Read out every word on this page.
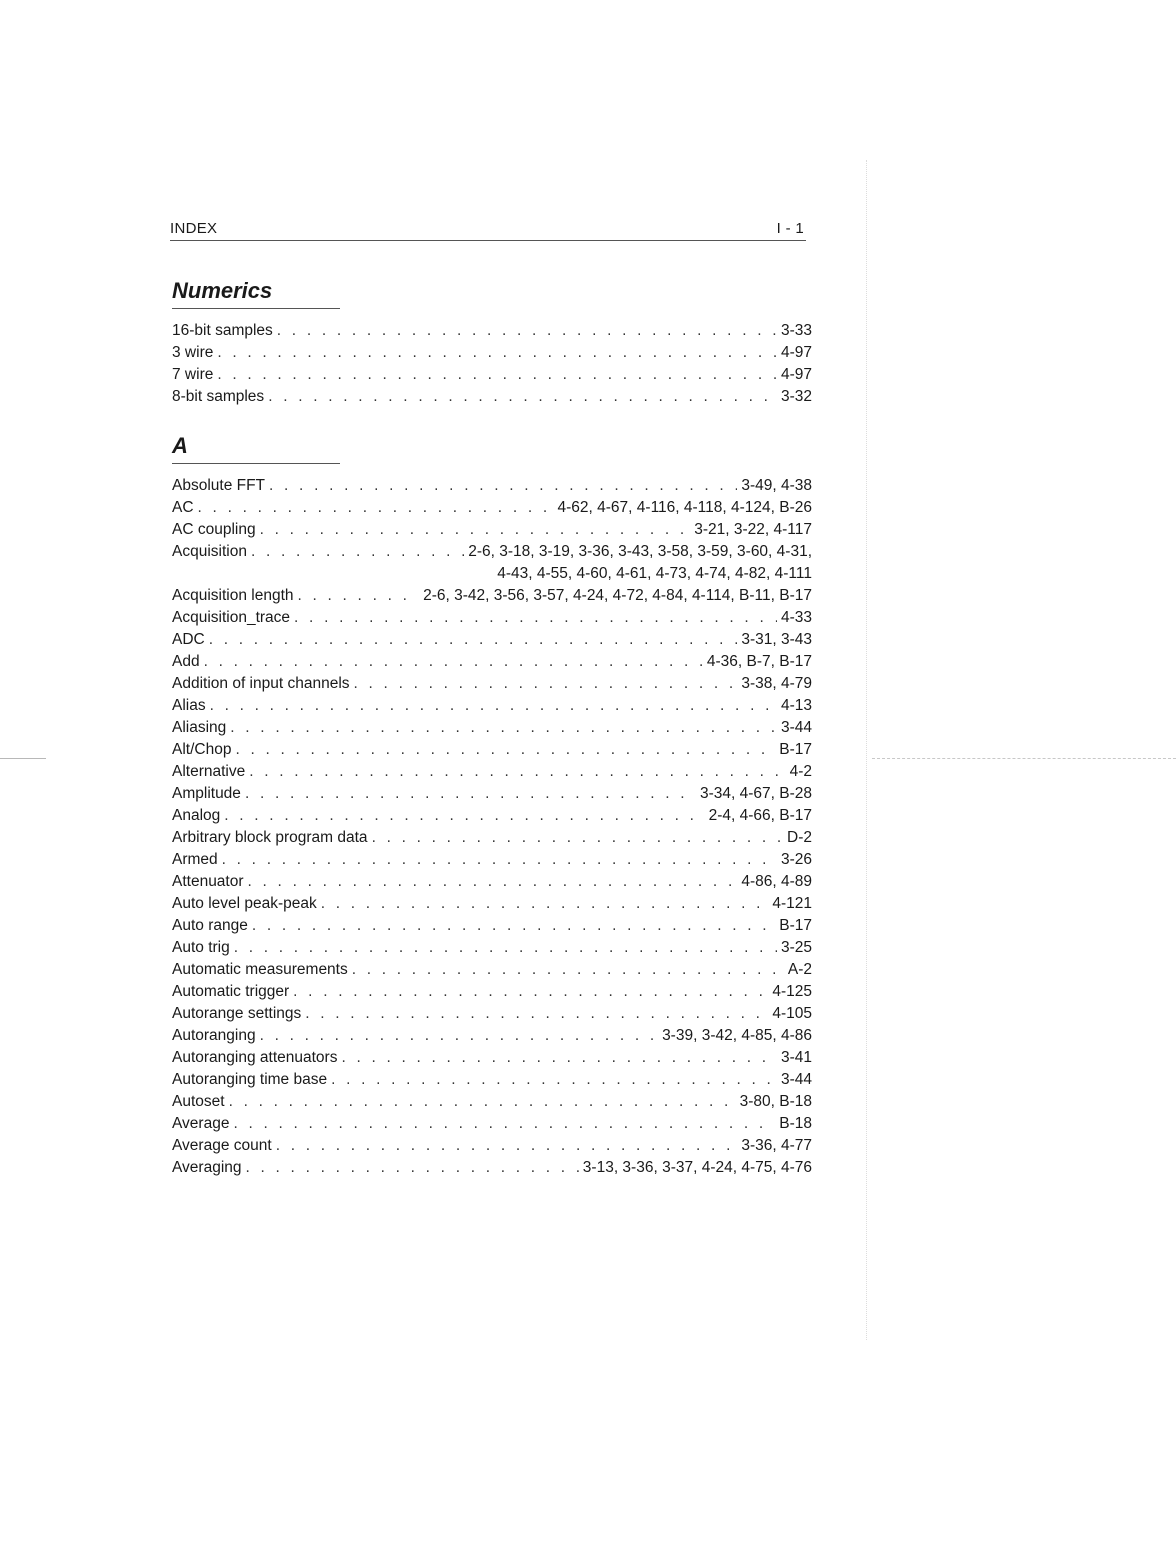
INDEX	I - 1
Numerics
16-bit samples . . .	3-33
3 wire . . .	4-97
7 wire . . .	4-97
8-bit samples . . .	3-32
A
Absolute FFT . . .	3-49, 4-38
AC . . .	4-62, 4-67, 4-116, 4-118, 4-124, B-26
AC coupling . . .	3-21, 3-22, 4-117
Acquisition . . .	2-6, 3-18, 3-19, 3-36, 3-43, 3-58, 3-59, 3-60, 4-31,
4-43, 4-55, 4-60, 4-61, 4-73, 4-74, 4-82, 4-111
Acquisition length . . .	2-6, 3-42, 3-56, 3-57, 4-24, 4-72, 4-84, 4-114, B-11, B-17
Acquisition_trace . . .	4-33
ADC . . .	3-31, 3-43
Add . . .	4-36, B-7, B-17
Addition of input channels . . .	3-38, 4-79
Alias . . .	4-13
Aliasing . . .	3-44
Alt/Chop . . .	B-17
Alternative . . .	4-2
Amplitude . . .	3-34, 4-67, B-28
Analog . . .	2-4, 4-66, B-17
Arbitrary block program data . . .	D-2
Armed . . .	3-26
Attenuator . . .	4-86, 4-89
Auto level peak-peak . . .	4-121
Auto range . . .	B-17
Auto trig . . .	3-25
Automatic measurements . . .	A-2
Automatic trigger . . .	4-125
Autorange settings . . .	4-105
Autoranging . . .	3-39, 3-42, 4-85, 4-86
Autoranging attenuators . . .	3-41
Autoranging time base . . .	3-44
Autoset . . .	3-80, B-18
Average . . .	B-18
Average count . . .	3-36, 4-77
Averaging . . .	3-13, 3-36, 3-37, 4-24, 4-75, 4-76
